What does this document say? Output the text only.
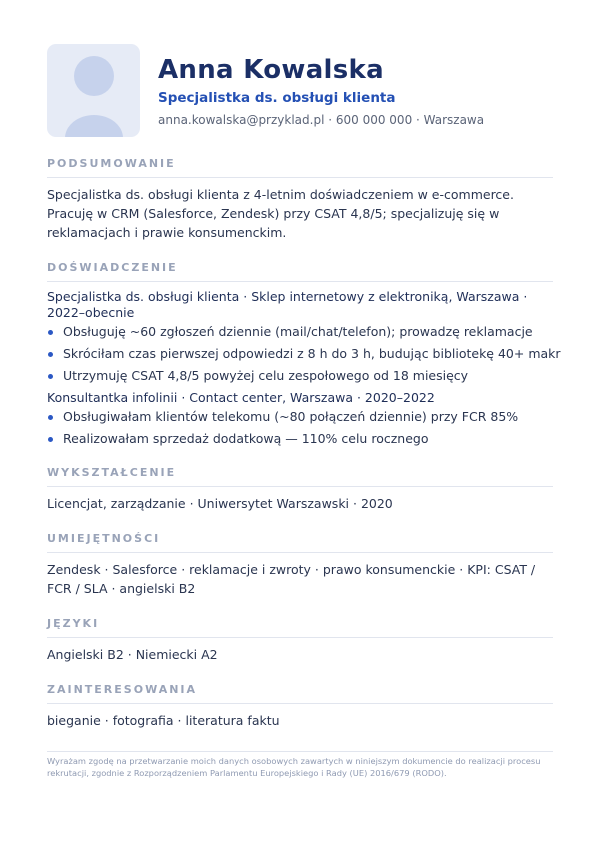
Anna Kowalska
Specjalistka ds. obsługi klienta
anna.kowalska@przyklad.pl · 600 000 000 · Warszawa
PODSUMOWANIE

Specjalistka ds. obsługi klienta z 4-letnim doświadczeniem w e-commerce. Pracuję w CRM (Salesforce, Zendesk) przy CSAT 4,8/5; specjalizuję się w reklamacjach i prawie konsumenckim.

DOŚWIADCZENIE

Specjalistka ds. obsługi klienta · Sklep internetowy z elektroniką, Warszawa · 2022–obecnie

Obsługuję ~60 zgłoszeń dziennie (mail/chat/telefon); prowadzę reklamacje
Skróciłam czas pierwszej odpowiedzi z 8 h do 3 h, budując bibliotekę 40+ makr
Utrzymuję CSAT 4,8/5 powyżej celu zespołowego od 18 miesięcy

Konsultantka infolinii · Contact center, Warszawa · 2020–2022

Obsługiwałam klientów telekomu (~80 połączeń dziennie) przy FCR 85%
Realizowałam sprzedaż dodatkową — 110% celu rocznego
WYKSZTAŁCENIE

Licencjat, zarządzanie · Uniwersytet Warszawski · 2020

UMIEJĘTNOŚCI

Zendesk · Salesforce · reklamacje i zwroty · prawo konsumenckie · KPI: CSAT / FCR / SLA · angielski B2

JĘZYKI

Angielski B2 · Niemiecki A2

ZAINTERESOWANIA

bieganie · fotografia · literatura faktu

Wyrażam zgodę na przetwarzanie moich danych osobowych zawartych w niniejszym dokumencie do realizacji procesu rekrutacji, zgodnie z Rozporządzeniem Parlamentu Europejskiego i Rady (UE) 2016/679 (RODO).
